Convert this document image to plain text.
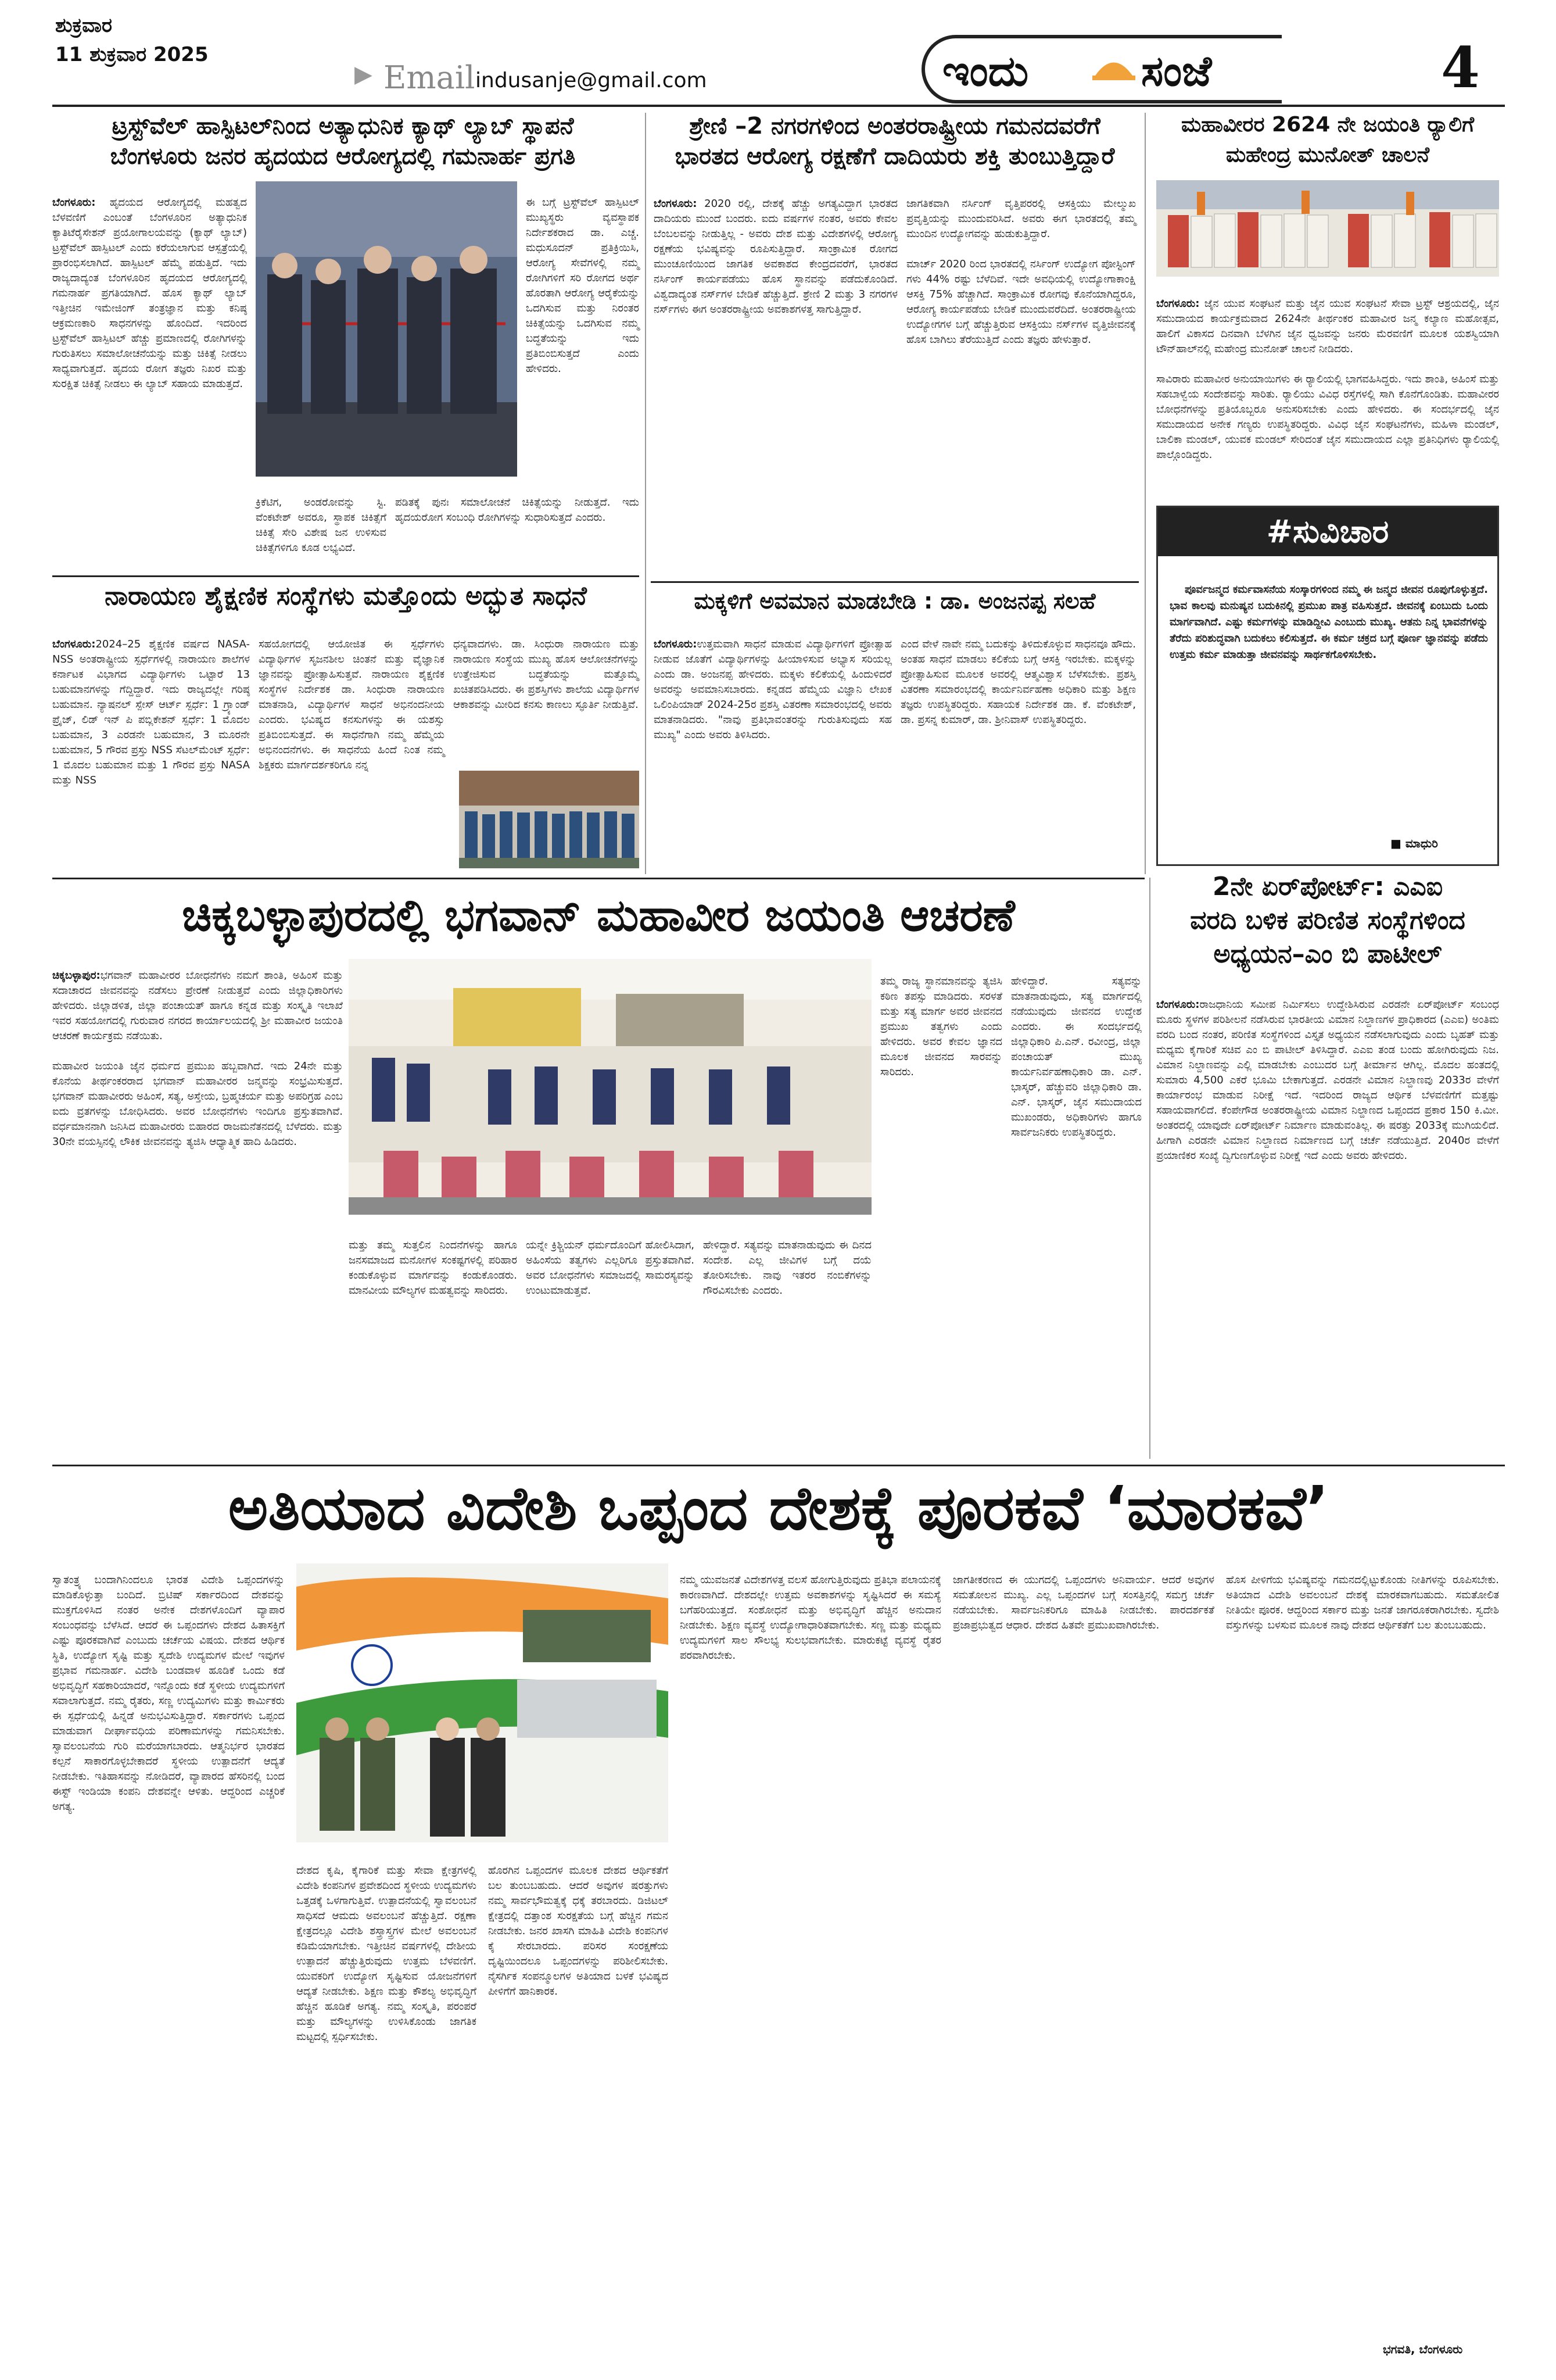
ಶುಕ್ರವಾರ
11 ಶುಕ್ರವಾರ 2025
▶ Email indusanje@gmail.com	ಇಂದು	ಸಂಜೆ	4
ಟ್ರಸ್ಟ್‌ವೆಲ್ ಹಾಸ್ಪಿಟಲ್‌ನಿಂದ ಅತ್ಯಾಧುನಿಕ ಕ್ಯಾಥ್ ಲ್ಯಾಬ್ ಸ್ಥಾಪನೆ
ಬೆಂಗಳೂರು ಜನರ ಹೃದಯದ ಆರೋಗ್ಯದಲ್ಲಿ ಗಮನಾರ್ಹ ಪ್ರಗತಿ

ಬೆಂಗಳೂರು: ಹೃದಯದ ಆರೋಗ್ಯದಲ್ಲಿ ಮಹತ್ವದ ಬೆಳವಣಿಗೆ ಎಂಬಂತೆ ಬೆಂಗಳೂರಿನ ಅತ್ಯಾಧುನಿಕ ಕ್ಯಾತಿಟೆರೈಸೇಶನ್ ಪ್ರಯೋಗಾಲಯವನ್ನು (ಕ್ಯಾಥ್ ಲ್ಯಾಬ್) ಟ್ರಸ್ಟ್‌ವೆಲ್ ಹಾಸ್ಪಿಟಲ್ ಎಂದು ಕರೆಯಲಾಗುವ ಆಸ್ಪತ್ರೆಯಲ್ಲಿ ಪ್ರಾರಂಭಿಸಲಾಗಿದೆ. ಹಾಸ್ಪಿಟಲ್ ಹೆಮ್ಮೆ ಪಡುತ್ತಿದೆ. ಇದು ರಾಜ್ಯದಾದ್ಯಂತ ಬೆಂಗಳೂರಿನ ಹೃದಯದ ಆರೋಗ್ಯದಲ್ಲಿ ಗಮನಾರ್ಹ ಪ್ರಗತಿಯಾಗಿದೆ. ಹೊಸ ಕ್ಯಾಥ್ ಲ್ಯಾಬ್ ಇತ್ತೀಚಿನ ಇಮೇಜಿಂಗ್ ತಂತ್ರಜ್ಞಾನ ಮತ್ತು ಕನಿಷ್ಠ ಆಕ್ರಮಣಕಾರಿ ಸಾಧನಗಳನ್ನು ಹೊಂದಿದೆ. ಇದರಿಂದ ಟ್ರಸ್ಟ್‌ವೆಲ್ ಹಾಸ್ಪಿಟಲ್ ಹೆಚ್ಚು ಪ್ರಮಾಣದಲ್ಲಿ ರೋಗಿಗಳನ್ನು ಗುರುತಿಸಲು ಸಮಾಲೋಚನೆಯನ್ನು ಮತ್ತು ಚಿಕಿತ್ಸೆ ನೀಡಲು ಸಾಧ್ಯವಾಗುತ್ತದೆ. ಹೃದಯ ರೋಗ ತಜ್ಞರು ನಿಖರ ಮತ್ತು ಸುರಕ್ಷಿತ ಚಿಕಿತ್ಸೆ ನೀಡಲು ಈ ಲ್ಯಾಬ್ ಸಹಾಯ ಮಾಡುತ್ತದೆ.

ಈ ಬಗ್ಗೆ ಟ್ರಸ್ಟ್‌ವೆಲ್ ಹಾಸ್ಪಿಟಲ್ ಮುಖ್ಯಸ್ಥರು ವ್ಯವಸ್ಥಾಪಕ ನಿರ್ದೇಶಕರಾದ ಡಾ. ಎಚ್ಚ. ಮಧುಸೂದನ್ ಪ್ರತಿಕ್ರಿಯಿಸಿ, ಆರೋಗ್ಯ ಸೇವೆಗಳಲ್ಲಿ ನಮ್ಮ ರೋಗಿಗಳಿಗೆ ಸರಿ ರೋಗದ ಅರ್ಥ ಹೊರತಾಗಿ ಆರೋಗ್ಯ ಆರೈಕೆಯನ್ನು ಒದಗಿಸುವ ಮತ್ತು ನಿರಂತರ ಚಿಕಿತ್ಸೆಯನ್ನು ಒದಗಿಸುವ ನಮ್ಮ ಬದ್ಧತೆಯನ್ನು ಇದು ಪ್ರತಿಬಿಂಬಿಸುತ್ತದೆ ಎಂದು ಹೇಳಿದರು.

ಕ್ರಿಕೆಟಿಗ, ಅಂಡರೋವನ್ನು ಸ್ಟಿ. ವೆಂಕಟೇಶ್ ಅವರೂ, ಸ್ಥಾಪಕ ಚಿಕಿತ್ಸೆಗೆ ಚಿಕಿತ್ಸೆ ಸೇರಿ ವಿಶೇಷ ಜನ ಉಳಿಸುವ ಚಿಕಿತ್ಸೆಗಳಿಗೂ ಕೂಡ ಲಭ್ಯವಿದೆ.

ಪಡಿತಕ್ಕೆ ಪುನಃ ಸಮಾಲೋಚನೆ ಚಿಕಿತ್ಸೆಯನ್ನು ನೀಡುತ್ತದೆ. ಇದು ಹೃದಯರೋಗ ಸಂಬಂಧಿ ರೋಗಿಗಳನ್ನು ಸುಧಾರಿಸುತ್ತದೆ ಎಂದರು.

ನಾರಾಯಣ ಶೈಕ್ಷಣಿಕ ಸಂಸ್ಥೆಗಳು ಮತ್ತೊಂದು ಅದ್ಭುತ ಸಾಧನೆ

ಬೆಂಗಳೂರು:2024–25 ಶೈಕ್ಷಣಿಕ ವರ್ಷದ NASA-NSS ಅಂತರಾಷ್ಟ್ರೀಯ ಸ್ಪರ್ಧೆಗಳಲ್ಲಿ ನಾರಾಯಣ ಶಾಲೆಗಳ ಕರ್ನಾಟಕ ವಿಭಾಗದ ವಿದ್ಯಾರ್ಥಿಗಳು ಒಟ್ಟಾರೆ 13 ಬಹುಮಾನಗಳನ್ನು ಗೆದ್ದಿದ್ದಾರೆ. ಇದು ರಾಜ್ಯದಲ್ಲೇ ಗರಿಷ್ಠ ಬಹುಮಾನ. ನ್ಯಾಷನಲ್ ಸ್ಪೇಸ್ ಆರ್ಟ್ ಸ್ಪರ್ಧೆ: 1 ಗ್ರ್ಯಾಂಡ್ ಪ್ರೈಜ್, ಲಿಡ್ ಇನ್ ಪಿ ಪಬ್ಲಿಕೇಶನ್ ಸ್ಪರ್ಧೆ: 1 ಮೊದಲ ಬಹುಮಾನ, 3 ಎರಡನೇ ಬಹುಮಾನ, 3 ಮೂರನೇ ಬಹುಮಾನ, 5 ಗೌರವ ಪ್ರಸ್ತು NSS ಸೆಟಲ್‌ಮೆಂಟ್ ಸ್ಪರ್ಧೆ: 1 ಮೊದಲ ಬಹುಮಾನ ಮತ್ತು 1 ಗೌರವ ಪ್ರಸ್ತು NASA ಮತ್ತು NSS

ಸಹಯೋಗದಲ್ಲಿ ಆಯೋಜಿತ ಈ ಸ್ಪರ್ಧೆಗಳು ವಿದ್ಯಾರ್ಥಿಗಳ ಸೃಜನಶೀಲ ಚಿಂತನೆ ಮತ್ತು ವೈಜ್ಞಾನಿಕ ಜ್ಞಾನವನ್ನು ಪ್ರೋತ್ಸಾಹಿಸುತ್ತವೆ. ನಾರಾಯಣ ಶೈಕ್ಷಣಿಕ ಸಂಸ್ಥೆಗಳ ನಿರ್ದೇಶಕ ಡಾ. ಸಿಂಧುರಾ ನಾರಾಯಣ ಮಾತನಾಡಿ, ವಿದ್ಯಾರ್ಥಿಗಳ ಸಾಧನೆ ಅಭಿನಂದನೀಯ ಎಂದರು. ಭವಿಷ್ಯದ ಕನಸುಗಳನ್ನು ಈ ಯಶಸ್ಸು ಪ್ರತಿಬಿಂಬಿಸುತ್ತದೆ. ಈ ಸಾಧನೆಗಾಗಿ ನಮ್ಮ ಹೆಮ್ಮೆಯ ಅಭಿನಂದನೆಗಳು. ಈ ಸಾಧನೆಯ ಹಿಂದೆ ನಿಂತ ನಮ್ಮ ಶಿಕ್ಷಕರು ಮಾರ್ಗದರ್ಶಕರಿಗೂ ನನ್ನ

ಧನ್ಯವಾದಗಳು. ಡಾ. ಸಿಂಧುರಾ ನಾರಾಯಣ ಮತ್ತು ನಾರಾಯಣ ಸಂಸ್ಥೆಯ ಮುಖ್ಯ ಹೊಸ ಆಲೋಚನೆಗಳನ್ನು ಉತ್ತೇಜಿಸುವ ಬದ್ಧತೆಯನ್ನು ಮತ್ತೊಮ್ಮೆ ಖಚಿತಪಡಿಸಿದರು. ಈ ಪ್ರಶಸ್ತಿಗಳು ಶಾಲೆಯ ವಿದ್ಯಾರ್ಥಿಗಳ ಆಕಾಶವನ್ನು ಮೀರಿದ ಕನಸು ಕಾಣಲು ಸ್ಫೂರ್ತಿ ನೀಡುತ್ತಿವೆ.

ಶ್ರೇಣಿ –2 ನಗರಗಳಿಂದ ಅಂತರರಾಷ್ಟ್ರೀಯ ಗಮನದವರೆಗೆ
ಭಾರತದ ಆರೋಗ್ಯ ರಕ್ಷಣೆಗೆ ದಾದಿಯರು ಶಕ್ತಿ ತುಂಬುತ್ತಿದ್ದಾರೆ

ಬೆಂಗಳೂರು: 2020 ರಲ್ಲಿ, ದೇಶಕ್ಕೆ ಹೆಚ್ಚು ಅಗತ್ಯವಿದ್ದಾಗ ಭಾರತದ ದಾದಿಯರು ಮುಂದೆ ಬಂದರು. ಐದು ವರ್ಷಗಳ ನಂತರ, ಅವರು ಕೇವಲ ಬೆಂಬಲವನ್ನು ನೀಡುತ್ತಿಲ್ಲ - ಅವರು ದೇಶ ಮತ್ತು ವಿದೇಶಗಳಲ್ಲಿ ಆರೋಗ್ಯ ರಕ್ಷಣೆಯ ಭವಿಷ್ಯವನ್ನು ರೂಪಿಸುತ್ತಿದ್ದಾರೆ. ಸಾಂಕ್ರಾಮಿಕ ರೋಗದ ಮುಂಚೂಣಿಯಿಂದ ಜಾಗತಿಕ ಅವಕಾಶದ ಕೇಂದ್ರದವರೆಗೆ, ಭಾರತದ ನರ್ಸಿಂಗ್ ಕಾರ್ಯಪಡೆಯು ಹೊಸ ಸ್ಥಾನವನ್ನು ಪಡೆದುಕೊಂಡಿದೆ. ವಿಶ್ವದಾದ್ಯಂತ ನರ್ಸ್‌ಗಳ ಬೇಡಿಕೆ ಹೆಚ್ಚುತ್ತಿದೆ. ಶ್ರೇಣಿ 2 ಮತ್ತು 3 ನಗರಗಳ ನರ್ಸ್‌ಗಳು ಈಗ ಅಂತರರಾಷ್ಟ್ರೀಯ ಅವಕಾಶಗಳತ್ತ ಸಾಗುತ್ತಿದ್ದಾರೆ.

ಜಾಗತಿಕವಾಗಿ ನರ್ಸಿಂಗ್ ವೃತ್ತಿಪರರಲ್ಲಿ ಆಸಕ್ತಿಯು ಮೇಲ್ಮುಖ ಪ್ರವೃತ್ತಿಯನ್ನು ಮುಂದುವರಿಸಿದೆ. ಅವರು ಈಗ ಭಾರತದಲ್ಲಿ ತಮ್ಮ ಮುಂದಿನ ಉದ್ಯೋಗವನ್ನು ಹುಡುಕುತ್ತಿದ್ದಾರೆ.

ಮಾರ್ಚ್ 2020 ರಿಂದ ಭಾರತದಲ್ಲಿ ನರ್ಸಿಂಗ್ ಉದ್ಯೋಗ ಪೋಸ್ಟಿಂಗ್ ಗಳು 44% ರಷ್ಟು ಬೆಳೆದಿವೆ. ಇದೇ ಅವಧಿಯಲ್ಲಿ ಉದ್ಯೋಗಾಕಾಂಕ್ಷಿ ಆಸಕ್ತಿ 75% ಹೆಚ್ಚಾಗಿದೆ. ಸಾಂಕ್ರಾಮಿಕ ರೋಗವು ಕೊನೆಯಾಗಿದ್ದರೂ, ಆರೋಗ್ಯ ಕಾರ್ಯಪಡೆಯ ಬೇಡಿಕೆ ಮುಂದುವರೆದಿದೆ. ಅಂತರರಾಷ್ಟ್ರೀಯ ಉದ್ಯೋಗಗಳ ಬಗ್ಗೆ ಹೆಚ್ಚುತ್ತಿರುವ ಆಸಕ್ತಿಯು ನರ್ಸ್‌ಗಳ ವೃತ್ತಿಜೀವನಕ್ಕೆ ಹೊಸ ಬಾಗಿಲು ತೆರೆಯುತ್ತಿದೆ ಎಂದು ತಜ್ಞರು ಹೇಳುತ್ತಾರೆ.

ಮಕ್ಕಳಿಗೆ ಅವಮಾನ ಮಾಡಬೇಡಿ : ಡಾ. ಅಂಜನಪ್ಪ ಸಲಹೆ

ಬೆಂಗಳೂರು:ಉತ್ತಮವಾಗಿ ಸಾಧನೆ ಮಾಡುವ ವಿದ್ಯಾರ್ಥಿಗಳಿಗೆ ಪ್ರೋತ್ಸಾಹ ನೀಡುವ ಜೊತೆಗೆ ವಿದ್ಯಾರ್ಥಿಗಳನ್ನು ಹೀಯಾಳಿಸುವ ಅಭ್ಯಾಸ ಸರಿಯಲ್ಲ ಎಂದು ಡಾ. ಅಂಜನಪ್ಪ ಹೇಳಿದರು. ಮಕ್ಕಳು ಕಲಿಕೆಯಲ್ಲಿ ಹಿಂದುಳಿದರೆ ಅವರನ್ನು ಅವಮಾನಿಸಬಾರದು. ಕನ್ನಡದ ಹೆಮ್ಮೆಯ ವಿಜ್ಞಾನಿ ಲೇಖಕ ಒಲಿಂಪಿಯಾಡ್ 2024-25ರ ಪ್ರಶಸ್ತಿ ವಿತರಣಾ ಸಮಾರಂಭದಲ್ಲಿ ಅವರು ಮಾತನಾಡಿದರು. "ನಾವು ಪ್ರತಿಭಾವಂತರನ್ನು ಗುರುತಿಸುವುದು ಸಹ ಮುಖ್ಯ" ಎಂದು ಅವರು ತಿಳಿಸಿದರು.

ಎಂದ ವೇಳೆ ನಾವೇ ನಮ್ಮ ಬದುಕನ್ನು ತಿಳಿದುಕೊಳ್ಳುವ ಸಾಧನವೂ ಹೌದು. ಅಂತಹ ಸಾಧನೆ ಮಾಡಲು ಕಲಿಕೆಯ ಬಗ್ಗೆ ಆಸಕ್ತಿ ಇರಬೇಕು. ಮಕ್ಕಳನ್ನು ಪ್ರೋತ್ಸಾಹಿಸುವ ಮೂಲಕ ಅವರಲ್ಲಿ ಆತ್ಮವಿಶ್ವಾಸ ಬೆಳೆಸಬೇಕು. ಪ್ರಶಸ್ತಿ ವಿತರಣಾ ಸಮಾರಂಭದಲ್ಲಿ ಕಾರ್ಯನಿರ್ವಹಣಾ ಅಧಿಕಾರಿ ಮತ್ತು ಶಿಕ್ಷಣ ತಜ್ಞರು ಉಪಸ್ಥಿತರಿದ್ದರು. ಸಹಾಯಕ ನಿರ್ದೇಶಕ ಡಾ. ಕೆ. ವೆಂಕಟೇಶ್, ಡಾ. ಪ್ರಸನ್ನ ಕುಮಾರ್, ಡಾ. ಶ್ರೀನಿವಾಸ್ ಉಪಸ್ಥಿತರಿದ್ದರು.

ಮಹಾವೀರರ 2624 ನೇ ಜಯಂತಿ ರ‍್ಯಾಲಿಗೆ
ಮಹೇಂದ್ರ ಮುನೋತ್ ಚಾಲನೆ

ಬೆಂಗಳೂರು: ಜೈನ ಯುವ ಸಂಘಟನೆ ಮತ್ತು ಜೈನ ಯುವ ಸಂಘಟನೆ ಸೇವಾ ಟ್ರಸ್ಟ್ ಆಶ್ರಯದಲ್ಲಿ, ಜೈನ ಸಮುದಾಯದ ಕಾರ್ಯಕ್ರಮವಾದ 2624ನೇ ತೀರ್ಥಂಕರ ಮಹಾವೀರ ಜನ್ಮ ಕಲ್ಯಾಣ ಮಹೋತ್ಸವ, ಹಾಲಿಗೆ ವಿಕಾಸದ ದಿನವಾಗಿ ಬೆಳಗಿನ ಜೈನ ಧ್ವಜವನ್ನು ಜನರು ಮೆರವಣಿಗೆ ಮೂಲಕ ಯಶಸ್ವಿಯಾಗಿ ಟೌನ್‌ಹಾಲ್‌ನಲ್ಲಿ ಮಹೇಂದ್ರ ಮುನೋತ್ ಚಾಲನೆ ನೀಡಿದರು.

ಸಾವಿರಾರು ಮಹಾವೀರ ಅನುಯಾಯಿಗಳು ಈ ರ‍್ಯಾಲಿಯಲ್ಲಿ ಭಾಗವಹಿಸಿದ್ದರು. ಇದು ಶಾಂತಿ, ಅಹಿಂಸೆ ಮತ್ತು ಸಹಬಾಳ್ವೆಯ ಸಂದೇಶವನ್ನು ಸಾರಿತು. ರ‍್ಯಾಲಿಯು ವಿವಿಧ ರಸ್ತೆಗಳಲ್ಲಿ ಸಾಗಿ ಕೊನೆಗೊಂಡಿತು. ಮಹಾವೀರರ ಬೋಧನೆಗಳನ್ನು ಪ್ರತಿಯೊಬ್ಬರೂ ಅನುಸರಿಸಬೇಕು ಎಂದು ಹೇಳಿದರು. ಈ ಸಂದರ್ಭದಲ್ಲಿ ಜೈನ ಸಮುದಾಯದ ಅನೇಕ ಗಣ್ಯರು ಉಪಸ್ಥಿತರಿದ್ದರು. ವಿವಿಧ ಜೈನ ಸಂಘಟನೆಗಳು, ಮಹಿಳಾ ಮಂಡಲ್, ಬಾಲಿಕಾ ಮಂಡಲ್, ಯುವಕ ಮಂಡಲ್ ಸೇರಿದಂತೆ ಜೈನ ಸಮುದಾಯದ ಎಲ್ಲಾ ಪ್ರತಿನಿಧಿಗಳು ರ‍್ಯಾಲಿಯಲ್ಲಿ ಪಾಲ್ಗೊಂಡಿದ್ದರು.

#ಸುವಿಚಾರ

ಪೂರ್ವಜನ್ಮದ ಕರ್ಮವಾಸನೆಯ ಸಂಸ್ಕಾರಗಳಿಂದ ನಮ್ಮ ಈ ಜನ್ಮದ ಜೀವನ ರೂಪುಗೊಳ್ಳುತ್ತದೆ. ಭಾವ ಕಾಲವು ಮನುಷ್ಯನ ಬದುಕಿನಲ್ಲಿ ಪ್ರಮುಖ ಪಾತ್ರ ವಹಿಸುತ್ತದೆ. ಜೀವನಕ್ಕೆ ಏಂಬುದು ಒಂದು ಮಾರ್ಗವಾಗಿದೆ. ಎಷ್ಟು ಕರ್ಮಗಳನ್ನು ಮಾಡಿದ್ದೀವಿ ಎಂಬುದು ಮುಖ್ಯ. ಆತನು ನಿನ್ನ ಭಾವನೆಗಳನ್ನು ತೆರೆದು ಪರಿಶುದ್ಧವಾಗಿ ಬದುಕಲು ಕಲಿಸುತ್ತದೆ. ಈ ಕರ್ಮ ಚಕ್ರದ ಬಗ್ಗೆ ಪೂರ್ಣ ಜ್ಞಾನವನ್ನು ಪಡೆದು ಉತ್ತಮ ಕರ್ಮ ಮಾಡುತ್ತಾ ಜೀವನವನ್ನು ಸಾರ್ಥಕಗೊಳಿಸಬೇಕು.

■ ಮಾಧುರಿ
2ನೇ ಏರ್‌ಪೋರ್ಟ್: ಎಎಐ
ವರದಿ ಬಳಿಕ ಪರಿಣಿತ ಸಂಸ್ಥೆಗಳಿಂದ
ಅಧ್ಯಯನ–ಎಂ ಬಿ ಪಾಟೀಲ್

ಬೆಂಗಳೂರು:ರಾಜಧಾನಿಯ ಸಮೀಪ ನಿರ್ಮಿಸಲು ಉದ್ದೇಶಿಸಿರುವ ಎರಡನೇ ಏರ್‌ಪೋರ್ಟ್ ಸಂಬಂಧ ಮೂರು ಸ್ಥಳಗಳ ಪರಿಶೀಲನೆ ನಡೆಸಿರುವ ಭಾರತೀಯ ವಿಮಾನ ನಿಲ್ದಾಣಗಳ ಪ್ರಾಧಿಕಾರದ (ಎಎಐ) ಅಂತಿಮ ವರದಿ ಬಂದ ನಂತರ, ಪರಿಣಿತ ಸಂಸ್ಥೆಗಳಿಂದ ವಿಸ್ತೃತ ಅಧ್ಯಯನ ನಡೆಸಲಾಗುವುದು ಎಂದು ಬೃಹತ್ ಮತ್ತು ಮಧ್ಯಮ ಕೈಗಾರಿಕೆ ಸಚಿವ ಎಂ ಬಿ ಪಾಟೀಲ್ ತಿಳಿಸಿದ್ದಾರೆ. ಎಎಐ ತಂಡ ಬಂದು ಹೋಗಿರುವುದು ನಿಜ. ವಿಮಾನ ನಿಲ್ದಾಣವನ್ನು ಎಲ್ಲಿ ಮಾಡಬೇಕು ಎಂಬುದರ ಬಗ್ಗೆ ತೀರ್ಮಾನ ಆಗಿಲ್ಲ. ಮೊದಲ ಹಂತದಲ್ಲಿ ಸುಮಾರು 4,500 ಎಕರೆ ಭೂಮಿ ಬೇಕಾಗುತ್ತದೆ. ಎರಡನೇ ವಿಮಾನ ನಿಲ್ದಾಣವು 2033ರ ವೇಳೆಗೆ ಕಾರ್ಯಾರಂಭ ಮಾಡುವ ನಿರೀಕ್ಷೆ ಇದೆ. ಇದರಿಂದ ರಾಜ್ಯದ ಆರ್ಥಿಕ ಬೆಳವಣಿಗೆಗೆ ಮತ್ತಷ್ಟು ಸಹಾಯವಾಗಲಿದೆ. ಕೆಂಪೇಗೌಡ ಅಂತರರಾಷ್ಟ್ರೀಯ ವಿಮಾನ ನಿಲ್ದಾಣದ ಒಪ್ಪಂದದ ಪ್ರಕಾರ 150 ಕಿ.ಮೀ. ಅಂತರದಲ್ಲಿ ಯಾವುದೇ ಏರ್‌ಪೋರ್ಟ್ ನಿರ್ಮಾಣ ಮಾಡುವಂತಿಲ್ಲ. ಈ ಷರತ್ತು 2033ಕ್ಕೆ ಮುಗಿಯಲಿದೆ. ಹೀಗಾಗಿ ಎರಡನೇ ವಿಮಾನ ನಿಲ್ದಾಣದ ನಿರ್ಮಾಣದ ಬಗ್ಗೆ ಚರ್ಚೆ ನಡೆಯುತ್ತಿದೆ. 2040ರ ವೇಳೆಗೆ ಪ್ರಯಾಣಿಕರ ಸಂಖ್ಯೆ ದ್ವಿಗುಣಗೊಳ್ಳುವ ನಿರೀಕ್ಷೆ ಇದೆ ಎಂದು ಅವರು ಹೇಳಿದರು.

ಚಿಕ್ಕಬಳ್ಳಾಪುರದಲ್ಲಿ ಭಗವಾನ್ ಮಹಾವೀರ ಜಯಂತಿ ಆಚರಣೆ

ಚಿಕ್ಕಬಳ್ಳಾಪುರ:ಭಗವಾನ್ ಮಹಾವೀರರ ಬೋಧನೆಗಳು ನಮಗೆ ಶಾಂತಿ, ಅಹಿಂಸೆ ಮತ್ತು ಸದಾಚಾರದ ಜೀವನವನ್ನು ನಡೆಸಲು ಪ್ರೇರಣೆ ನೀಡುತ್ತವೆ ಎಂದು ಜಿಲ್ಲಾಧಿಕಾರಿಗಳು ಹೇಳಿದರು. ಜಿಲ್ಲಾಡಳಿತ, ಜಿಲ್ಲಾ ಪಂಚಾಯತ್ ಹಾಗೂ ಕನ್ನಡ ಮತ್ತು ಸಂಸ್ಕೃತಿ ಇಲಾಖೆ ಇವರ ಸಹಯೋಗದಲ್ಲಿ ಗುರುವಾರ ನಗರದ ಕಾರ್ಯಾಲಯದಲ್ಲಿ ಶ್ರೀ ಮಹಾವೀರ ಜಯಂತಿ ಆಚರಣೆ ಕಾರ್ಯಕ್ರಮ ನಡೆಯಿತು.

ಮಹಾವೀರ ಜಯಂತಿ ಜೈನ ಧರ್ಮದ ಪ್ರಮುಖ ಹಬ್ಬವಾಗಿದೆ. ಇದು 24ನೇ ಮತ್ತು ಕೊನೆಯ ತೀರ್ಥಂಕರರಾದ ಭಗವಾನ್ ಮಹಾವೀರರ ಜನ್ಮವನ್ನು ಸಂಭ್ರಮಿಸುತ್ತದೆ. ಭಗವಾನ್ ಮಹಾವೀರರು ಅಹಿಂಸೆ, ಸತ್ಯ, ಅಸ್ತೇಯ, ಬ್ರಹ್ಮಚರ್ಯ ಮತ್ತು ಅಪರಿಗ್ರಹ ಎಂಬ ಐದು ವ್ರತಗಳನ್ನು ಬೋಧಿಸಿದರು. ಅವರ ಬೋಧನೆಗಳು ಇಂದಿಗೂ ಪ್ರಸ್ತುತವಾಗಿವೆ. ವರ್ಧಮಾನನಾಗಿ ಜನಿಸಿದ ಮಹಾವೀರರು ಬಿಹಾರದ ರಾಜಮನೆತನದಲ್ಲಿ ಬೆಳೆದರು. ಮತ್ತು 30ನೇ ವಯಸ್ಸಿನಲ್ಲಿ ಲೌಕಿಕ ಜೀವನವನ್ನು ತ್ಯಜಿಸಿ ಆಧ್ಯಾತ್ಮಿಕ ಹಾದಿ ಹಿಡಿದರು.

ತಮ್ಮ ರಾಜ್ಯ ಸ್ಥಾನಮಾನವನ್ನು ತ್ಯಜಿಸಿ ಕಠಿಣ ತಪಸ್ಸು ಮಾಡಿದರು. ಸರಳತೆ ಮತ್ತು ಸತ್ಯ ಮಾರ್ಗ ಅವರ ಜೀವನದ ಪ್ರಮುಖ ತತ್ವಗಳು ಎಂದು ಹೇಳಿದರು. ಅವರ ಕೇವಲ ಜ್ಞಾನದ ಮೂಲಕ ಜೀವನದ ಸಾರವನ್ನು ಸಾರಿದರು.

ಹೇಳಿದ್ದಾರೆ. ಸತ್ಯವನ್ನು ಮಾತನಾಡುವುದು, ಸತ್ಯ ಮಾರ್ಗದಲ್ಲಿ ನಡೆಯುವುದು ಜೀವನದ ಉದ್ದೇಶ ಎಂದರು. ಈ ಸಂದರ್ಭದಲ್ಲಿ ಜಿಲ್ಲಾಧಿಕಾರಿ ಪಿ.ಎನ್. ರವೀಂದ್ರ, ಜಿಲ್ಲಾ ಪಂಚಾಯತ್ ಮುಖ್ಯ ಕಾರ್ಯನಿರ್ವಹಣಾಧಿಕಾರಿ ಡಾ. ಎನ್. ಭಾಸ್ಕರ್, ಹೆಚ್ಚುವರಿ ಜಿಲ್ಲಾಧಿಕಾರಿ ಡಾ. ಎನ್. ಭಾಸ್ಕರ್, ಜೈನ ಸಮುದಾಯದ ಮುಖಂಡರು, ಅಧಿಕಾರಿಗಳು ಹಾಗೂ ಸಾರ್ವಜನಿಕರು ಉಪಸ್ಥಿತರಿದ್ದರು.

ಮತ್ತು ತಮ್ಮ ಸುತ್ತಲಿನ ನಿಂದನೆಗಳನ್ನು ಹಾಗೂ ಜನಸಮಾಜದ ಮನೋಗಳ ಸಂಕಷ್ಟಗಳಲ್ಲಿ ಪರಿಹಾರ ಕಂಡುಕೊಳ್ಳುವ ಮಾರ್ಗವನ್ನು ಕಂಡುಕೊಂಡರು. ಮಾನವೀಯ ಮೌಲ್ಯಗಳ ಮಹತ್ವವನ್ನು ಸಾರಿದರು.

ಯನ್ನೇ ಕ್ರಿಶ್ಚಿಯನ್ ಧರ್ಮದೊಂದಿಗೆ ಹೋಲಿಸಿದಾಗ, ಅಹಿಂಸೆಯ ತತ್ವಗಳು ಎಲ್ಲರಿಗೂ ಪ್ರಸ್ತುತವಾಗಿವೆ. ಅವರ ಬೋಧನೆಗಳು ಸಮಾಜದಲ್ಲಿ ಸಾಮರಸ್ಯವನ್ನು ಉಂಟುಮಾಡುತ್ತವೆ.

ಹೇಳಿದ್ದಾರೆ. ಸತ್ಯವನ್ನು ಮಾತನಾಡುವುದು ಈ ದಿನದ ಸಂದೇಶ. ಎಲ್ಲ ಜೀವಿಗಳ ಬಗ್ಗೆ ದಯೆ ತೋರಿಸಬೇಕು. ನಾವು ಇತರರ ನಂಬಿಕೆಗಳನ್ನು ಗೌರವಿಸಬೇಕು ಎಂದರು.

ಅತಿಯಾದ ವಿದೇಶಿ ಒಪ್ಪಂದ ದೇಶಕ್ಕೆ ಪೂರಕವೆ ‘ಮಾರಕವೆ’

ಸ್ವಾತಂತ್ರ್ಯ ಬಂದಾಗಿನಿಂದಲೂ ಭಾರತ ವಿದೇಶಿ ಒಪ್ಪಂದಗಳನ್ನು ಮಾಡಿಕೊಳ್ಳುತ್ತಾ ಬಂದಿದೆ. ಬ್ರಿಟಿಷ್ ಸರ್ಕಾರದಿಂದ ದೇಶವನ್ನು ಮುಕ್ತಗೊಳಿಸಿದ ನಂತರ ಅನೇಕ ದೇಶಗಳೊಂದಿಗೆ ವ್ಯಾಪಾರ ಸಂಬಂಧವನ್ನು ಬೆಳೆಸಿದೆ. ಆದರೆ ಈ ಒಪ್ಪಂದಗಳು ದೇಶದ ಹಿತಾಸಕ್ತಿಗೆ ಎಷ್ಟು ಪೂರಕವಾಗಿವೆ ಎಂಬುದು ಚರ್ಚೆಯ ವಿಷಯ. ದೇಶದ ಆರ್ಥಿಕ ಸ್ಥಿತಿ, ಉದ್ಯೋಗ ಸೃಷ್ಟಿ ಮತ್ತು ಸ್ವದೇಶಿ ಉದ್ಯಮಗಳ ಮೇಲೆ ಇವುಗಳ ಪ್ರಭಾವ ಗಮನಾರ್ಹ. ವಿದೇಶಿ ಬಂಡವಾಳ ಹೂಡಿಕೆ ಒಂದು ಕಡೆ ಅಭಿವೃದ್ಧಿಗೆ ಸಹಕಾರಿಯಾದರೆ, ಇನ್ನೊಂದು ಕಡೆ ಸ್ಥಳೀಯ ಉದ್ಯಮಗಳಿಗೆ ಸವಾಲಾಗುತ್ತದೆ. ನಮ್ಮ ರೈತರು, ಸಣ್ಣ ಉದ್ಯಮಿಗಳು ಮತ್ತು ಕಾರ್ಮಿಕರು ಈ ಸ್ಪರ್ಧೆಯಲ್ಲಿ ಹಿನ್ನಡೆ ಅನುಭವಿಸುತ್ತಿದ್ದಾರೆ. ಸರ್ಕಾರಗಳು ಒಪ್ಪಂದ ಮಾಡುವಾಗ ದೀರ್ಘಾವಧಿಯ ಪರಿಣಾಮಗಳನ್ನು ಗಮನಿಸಬೇಕು. ಸ್ವಾವಲಂಬನೆಯ ಗುರಿ ಮರೆಯಾಗಬಾರದು. ಆತ್ಮನಿರ್ಭರ ಭಾರತದ ಕಲ್ಪನೆ ಸಾಕಾರಗೊಳ್ಳಬೇಕಾದರೆ ಸ್ಥಳೀಯ ಉತ್ಪಾದನೆಗೆ ಆದ್ಯತೆ ನೀಡಬೇಕು. ಇತಿಹಾಸವನ್ನು ನೋಡಿದರೆ, ವ್ಯಾಪಾರದ ಹೆಸರಿನಲ್ಲಿ ಬಂದ ಈಸ್ಟ್ ಇಂಡಿಯಾ ಕಂಪನಿ ದೇಶವನ್ನೇ ಆಳಿತು. ಆದ್ದರಿಂದ ಎಚ್ಚರಿಕೆ ಅಗತ್ಯ.

ದೇಶದ ಕೃಷಿ, ಕೈಗಾರಿಕೆ ಮತ್ತು ಸೇವಾ ಕ್ಷೇತ್ರಗಳಲ್ಲಿ ವಿದೇಶಿ ಕಂಪನಿಗಳ ಪ್ರವೇಶದಿಂದ ಸ್ಥಳೀಯ ಉದ್ಯಮಗಳು ಒತ್ತಡಕ್ಕೆ ಒಳಗಾಗುತ್ತಿವೆ. ಉತ್ಪಾದನೆಯಲ್ಲಿ ಸ್ವಾವಲಂಬನೆ ಸಾಧಿಸದೆ ಆಮದು ಅವಲಂಬನೆ ಹೆಚ್ಚುತ್ತಿದೆ. ರಕ್ಷಣಾ ಕ್ಷೇತ್ರದಲ್ಲೂ ವಿದೇಶಿ ಶಸ್ತ್ರಾಸ್ತ್ರಗಳ ಮೇಲೆ ಅವಲಂಬನೆ ಕಡಿಮೆಯಾಗಬೇಕು. ಇತ್ತೀಚಿನ ವರ್ಷಗಳಲ್ಲಿ ದೇಶೀಯ ಉತ್ಪಾದನೆ ಹೆಚ್ಚುತ್ತಿರುವುದು ಉತ್ತಮ ಬೆಳವಣಿಗೆ. ಯುವಕರಿಗೆ ಉದ್ಯೋಗ ಸೃಷ್ಟಿಸುವ ಯೋಜನೆಗಳಿಗೆ ಆದ್ಯತೆ ನೀಡಬೇಕು. ಶಿಕ್ಷಣ ಮತ್ತು ಕೌಶಲ್ಯ ಅಭಿವೃದ್ಧಿಗೆ ಹೆಚ್ಚಿನ ಹೂಡಿಕೆ ಅಗತ್ಯ. ನಮ್ಮ ಸಂಸ್ಕೃತಿ, ಪರಂಪರೆ ಮತ್ತು ಮೌಲ್ಯಗಳನ್ನು ಉಳಿಸಿಕೊಂಡು ಜಾಗತಿಕ ಮಟ್ಟದಲ್ಲಿ ಸ್ಪರ್ಧಿಸಬೇಕು.

ಹೊರಗಿನ ಒಪ್ಪಂದಗಳ ಮೂಲಕ ದೇಶದ ಆರ್ಥಿಕತೆಗೆ ಬಲ ತುಂಬಬಹುದು. ಆದರೆ ಅವುಗಳ ಷರತ್ತುಗಳು ನಮ್ಮ ಸಾರ್ವಭೌಮತ್ವಕ್ಕೆ ಧಕ್ಕೆ ತರಬಾರದು. ಡಿಜಿಟಲ್ ಕ್ಷೇತ್ರದಲ್ಲಿ ದತ್ತಾಂಶ ಸುರಕ್ಷತೆಯ ಬಗ್ಗೆ ಹೆಚ್ಚಿನ ಗಮನ ನೀಡಬೇಕು. ಜನರ ಖಾಸಗಿ ಮಾಹಿತಿ ವಿದೇಶಿ ಕಂಪನಿಗಳ ಕೈ ಸೇರಬಾರದು. ಪರಿಸರ ಸಂರಕ್ಷಣೆಯ ದೃಷ್ಟಿಯಿಂದಲೂ ಒಪ್ಪಂದಗಳನ್ನು ಪರಿಶೀಲಿಸಬೇಕು. ನೈಸರ್ಗಿಕ ಸಂಪನ್ಮೂಲಗಳ ಅತಿಯಾದ ಬಳಕೆ ಭವಿಷ್ಯದ ಪೀಳಿಗೆಗೆ ಹಾನಿಕಾರಕ.

ನಮ್ಮ ಯುವಜನತೆ ವಿದೇಶಗಳತ್ತ ವಲಸೆ ಹೋಗುತ್ತಿರುವುದು ಪ್ರತಿಭಾ ಪಲಾಯನಕ್ಕೆ ಕಾರಣವಾಗಿದೆ. ದೇಶದಲ್ಲೇ ಉತ್ತಮ ಅವಕಾಶಗಳನ್ನು ಸೃಷ್ಟಿಸಿದರೆ ಈ ಸಮಸ್ಯೆ ಬಗೆಹರಿಯುತ್ತದೆ. ಸಂಶೋಧನೆ ಮತ್ತು ಅಭಿವೃದ್ಧಿಗೆ ಹೆಚ್ಚಿನ ಅನುದಾನ ನೀಡಬೇಕು. ಶಿಕ್ಷಣ ವ್ಯವಸ್ಥೆ ಉದ್ಯೋಗಾಧಾರಿತವಾಗಬೇಕು. ಸಣ್ಣ ಮತ್ತು ಮಧ್ಯಮ ಉದ್ಯಮಗಳಿಗೆ ಸಾಲ ಸೌಲಭ್ಯ ಸುಲಭವಾಗಬೇಕು. ಮಾರುಕಟ್ಟೆ ವ್ಯವಸ್ಥೆ ರೈತರ ಪರವಾಗಿರಬೇಕು.

ಜಾಗತೀಕರಣದ ಈ ಯುಗದಲ್ಲಿ ಒಪ್ಪಂದಗಳು ಅನಿವಾರ್ಯ. ಆದರೆ ಅವುಗಳ ಸಮತೋಲನ ಮುಖ್ಯ. ಎಲ್ಲ ಒಪ್ಪಂದಗಳ ಬಗ್ಗೆ ಸಂಸತ್ತಿನಲ್ಲಿ ಸಮಗ್ರ ಚರ್ಚೆ ನಡೆಯಬೇಕು. ಸಾರ್ವಜನಿಕರಿಗೂ ಮಾಹಿತಿ ನೀಡಬೇಕು. ಪಾರದರ್ಶಕತೆ ಪ್ರಜಾಪ್ರಭುತ್ವದ ಆಧಾರ. ದೇಶದ ಹಿತವೇ ಪ್ರಮುಖವಾಗಿರಬೇಕು.

ಹೊಸ ಪೀಳಿಗೆಯ ಭವಿಷ್ಯವನ್ನು ಗಮನದಲ್ಲಿಟ್ಟುಕೊಂಡು ನೀತಿಗಳನ್ನು ರೂಪಿಸಬೇಕು. ಅತಿಯಾದ ವಿದೇಶಿ ಅವಲಂಬನೆ ದೇಶಕ್ಕೆ ಮಾರಕವಾಗಬಹುದು. ಸಮತೋಲಿತ ನೀತಿಯೇ ಪೂರಕ. ಆದ್ದರಿಂದ ಸರ್ಕಾರ ಮತ್ತು ಜನತೆ ಜಾಗರೂಕರಾಗಿರಬೇಕು. ಸ್ವದೇಶಿ ವಸ್ತುಗಳನ್ನು ಬಳಸುವ ಮೂಲಕ ನಾವು ದೇಶದ ಆರ್ಥಿಕತೆಗೆ ಬಲ ತುಂಬಬಹುದು.

ಭಗವತಿ, ಬೆಂಗಳೂರು
